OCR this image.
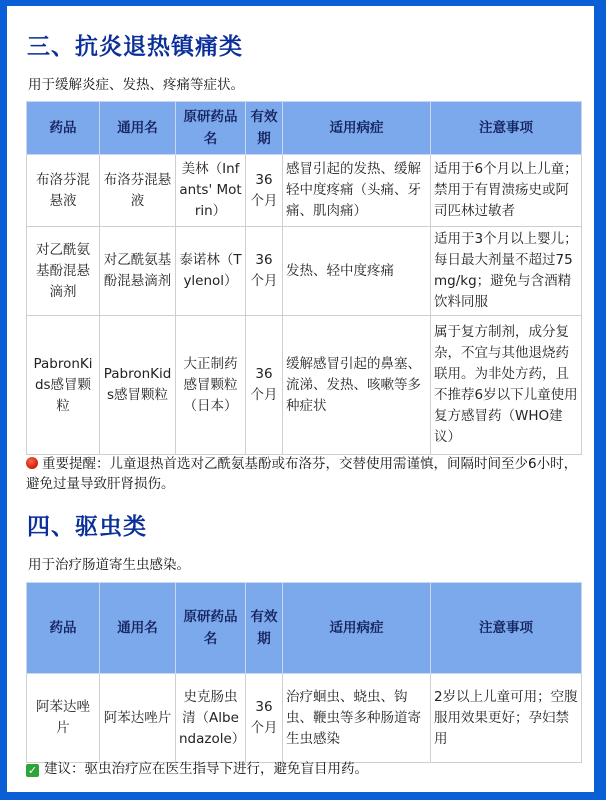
三、抗炎退热镇痛类
用于缓解炎症、发热、疼痛等症状。
药品	通用名	原研药品名	有效期	适用病症	注意事项
布洛芬混悬液	布洛芬混悬液	美林（Infants' Motrin）	36个月	感冒引起的发热、缓解轻中度疼痛（头痛、牙痛、肌肉痛）	适用于6个月以上儿童；禁用于有胃溃疡史或阿司匹林过敏者
对乙酰氨基酚混悬滴剂	对乙酰氨基酚混悬滴剂	泰诺林（Tylenol）	36个月	发热、轻中度疼痛	适用于3个月以上婴儿；每日最大剂量不超过75mg/kg；避免与含酒精饮料同服
PabronKids感冒颗粒	PabronKids感冒颗粒	大正制药感冒颗粒（日本）	36个月	缓解感冒引起的鼻塞、流涕、发热、咳嗽等多种症状	属于复方制剂，成分复杂，不宜与其他退烧药联用。为非处方药，且不推荐6岁以下儿童使用复方感冒药（WHO建议）
重要提醒：儿童退热首选对乙酰氨基酚或布洛芬，交替使用需谨慎，间隔时间至少6小时，避免过量导致肝肾损伤。
四、驱虫类
用于治疗肠道寄生虫感染。
药品	通用名	原研药品名	有效期	适用病症	注意事项
阿苯达唑片	阿苯达唑片	史克肠虫清（Albendazole）	36个月	治疗蛔虫、蛲虫、钩虫、鞭虫等多种肠道寄生虫感染	2岁以上儿童可用；空腹服用效果更好；孕妇禁用
✓ 建议：驱虫治疗应在医生指导下进行，避免盲目用药。
